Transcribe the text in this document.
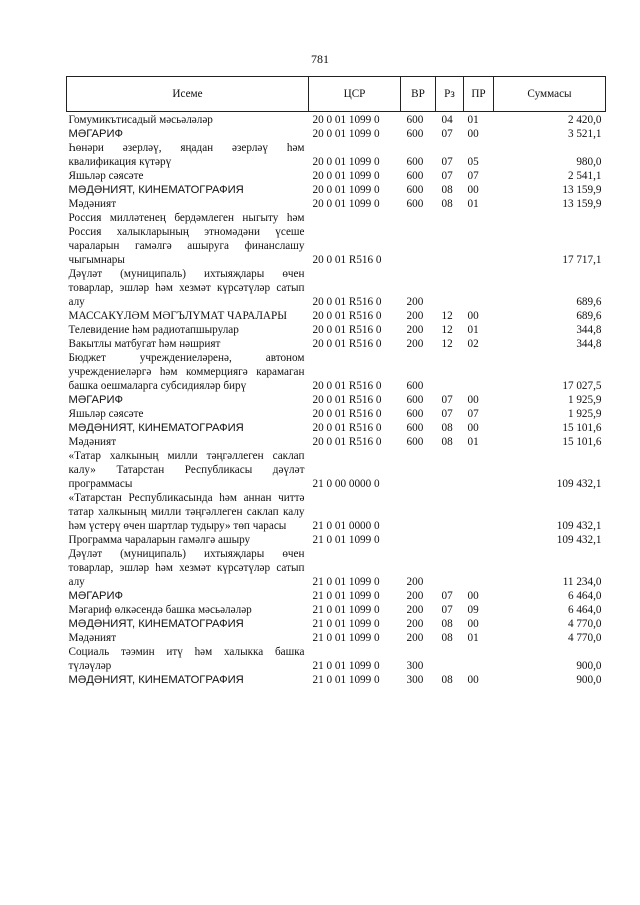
781
Исеме	ЦСР	ВР	Рз	ПР	Суммасы
Гомумикътисадый мәсьәләләр	20 0 01 1099 0	600	04	01	2 420,0
МӘГАРИФ	20 0 01 1099 0	600	07	00	3 521,1
Һөнәри әзерләү, яңадан әзерләү һәм квалификация күтәрү	20 0 01 1099 0	600	07	05	980,0
Яшьләр сәясәте	20 0 01 1099 0	600	07	07	2 541,1
МӘДӘНИЯТ, КИНЕМАТОГРАФИЯ	20 0 01 1099 0	600	08	00	13 159,9
Мәдәният	20 0 01 1099 0	600	08	01	13 159,9
Россия милләтенең бердәмлеген ныгыту һәм Россия халыкларының этномәдәни үсеше чараларын гамәлгә ашыруга финанслашу чыгымнары	20 0 01 R516 0				17 717,1
Дәүләт (муниципаль) ихтыяҗлары өчен товарлар, эшләр һәм хезмәт күрсәтүләр сатып алу	20 0 01 R516 0	200			689,6
МАССАКҮЛӘМ МӘГЪЛҮМАТ ЧАРАЛАРЫ	20 0 01 R516 0	200	12	00	689,6
Телевидение һәм радиотапшырулар	20 0 01 R516 0	200	12	01	344,8
Вакытлы матбугат һәм нәшрият	20 0 01 R516 0	200	12	02	344,8
Бюджет учреждениеләренә, автоном учреждениеләргә һәм коммерциягә карамаган башка оешмаларга субсидияләр бирү	20 0 01 R516 0	600			17 027,5
МӘГАРИФ	20 0 01 R516 0	600	07	00	1 925,9
Яшьләр сәясәте	20 0 01 R516 0	600	07	07	1 925,9
МӘДӘНИЯТ, КИНЕМАТОГРАФИЯ	20 0 01 R516 0	600	08	00	15 101,6
Мәдәният	20 0 01 R516 0	600	08	01	15 101,6
«Татар халкының милли тәңгәллеген саклап калу» Татарстан Республикасы дәүләт программасы	21 0 00 0000 0				109 432,1
«Татарстан Республикасында һәм аннан читтә татар халкының милли тәңгәллеген саклап калу һәм үстерү өчен шартлар тудыру» төп чарасы	21 0 01 0000 0				109 432,1
Программа чараларын гамәлгә ашыру	21 0 01 1099 0				109 432,1
Дәүләт (муниципаль) ихтыяҗлары өчен товарлар, эшләр һәм хезмәт күрсәтүләр сатып алу	21 0 01 1099 0	200			11 234,0
МӘГАРИФ	21 0 01 1099 0	200	07	00	6 464,0
Мәгариф өлкәсендә башка мәсьәләләр	21 0 01 1099 0	200	07	09	6 464,0
МӘДӘНИЯТ, КИНЕМАТОГРАФИЯ	21 0 01 1099 0	200	08	00	4 770,0
Мәдәният	21 0 01 1099 0	200	08	01	4 770,0
Социаль тәэмин итү һәм халыкка башка түләүләр	21 0 01 1099 0	300			900,0
МӘДӘНИЯТ, КИНЕМАТОГРАФИЯ	21 0 01 1099 0	300	08	00	900,0
